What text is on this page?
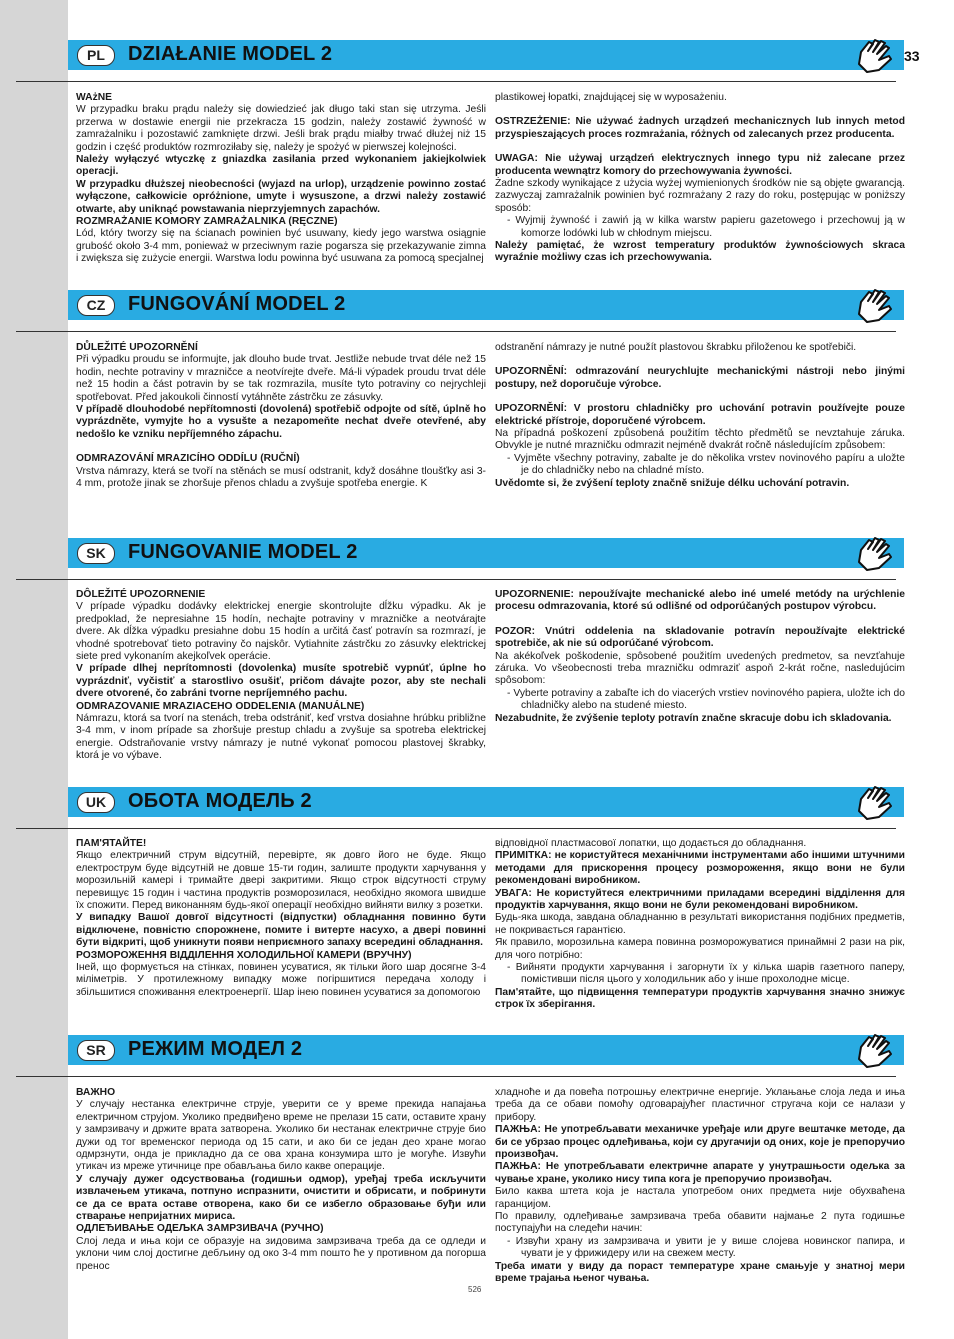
PL	DZIAŁANIE MODEL 2	33

WAżNE

W przypadku braku prądu należy się dowiedzieć jak długo taki stan się utrzyma. Jeśli przerwa w dostawie energii nie przekracza 15 godzin, należy zostawić żywność w zamrażalniku i pozostawić zamknięte drzwi. Jeśli brak prądu miałby trwać dłużej niż 15 godzin i część produktów rozmroziłaby się, należy je spożyć w pierwszej kolejności.

Należy wyłączyć wtyczkę z gniazdka zasilania przed wykonaniem jakiejkolwiek operacji.

W przypadku dłuższej nieobecności (wyjazd na urlop), urządzenie powinno zostać wyłączone, całkowicie opróżnione, umyte i wysuszone, a drzwi należy zostawić otwarte, aby uniknąć powstawania nieprzyjemnych zapachów.

ROZMRAŻANIE KOMORY ZAMRAŻALNIKA (RĘCZNE)

Lód, który tworzy się na ścianach powinien być usuwany, kiedy jego warstwa osiągnie grubość około 3-4 mm, ponieważ w przeciwnym razie pogarsza się przekazywanie zimna i zwiększa się zużycie energii. Warstwa lodu powinna być usuwana za pomocą specjalnej

plastikowej łopatki, znajdującej się w wyposażeniu.

OSTRZEŻENIE: Nie używać żadnych urządzeń mechanicznych lub innych metod przyspieszających proces rozmrażania, różnych od zalecanych przez producenta.

UWAGA: Nie używaj urządzeń elektrycznych innego typu niż zalecane przez producenta wewnątrz komory do przechowywania żywności.

Żadne szkody wynikające z użycia wyżej wymienionych środków nie są objęte gwarancją. zazwyczaj zamrażalnik powinien być rozmrażany 2 razy do roku, postępując w poniższy sposób:

- Wyjmij żywność i zawiń ją w kilka warstw papieru gazetowego i przechowuj ją w komorze lodówki lub w chłodnym miejscu.

Należy pamiętać, że wzrost temperatury produktów żywnościowych skraca wyraźnie możliwy czas ich przechowywania.

CZ	FUNGOVÁNÍ MODEL 2

DŮLEŽITÉ UPOZORNĚNÍ

Při výpadku proudu se informujte, jak dlouho bude trvat. Jestliže nebude trvat déle než 15 hodin, nechte potraviny v mrazničce a neotvírejte dveře. Má-li výpadek proudu trvat déle než 15 hodin a část potravin by se tak rozmrazila, musíte tyto potraviny co nejrychleji spotřebovat. Před jakoukoli činností vytáhněte zástrčku ze zásuvky.

V případě dlouhodobé nepřítomnosti (dovolená) spotřebič odpojte od sítě, úplně ho vyprázdněte, vymyjte ho a vysušte a nezapomeňte nechat dveře otevřené, aby nedošlo ke vzniku nepříjemného zápachu.

ODMRAZOVÁNÍ MRAZICÍHO ODDÍLU (RUČNÍ)

Vrstva námrazy, která se tvoří na stěnách se musí odstranit, když dosáhne tloušťky asi 3-4 mm, protože jinak se zhoršuje přenos chladu a zvyšuje spotřeba energie. K

odstranění námrazy je nutné použít plastovou škrabku přiloženou ke spotřebiči.

UPOZORNĚNÍ: odmrazování neurychlujte mechanickými nástroji nebo jinými postupy, než doporučuje výrobce.

UPOZORNĚNÍ: V prostoru chladničky pro uchování potravin používejte pouze elektrické přístroje, doporučené výrobcem.

Na případná poškození způsobená použitím těchto předmětů se nevztahuje záruka. Obvykle je nutné mrazničku odmrazit nejméně dvakrát ročně následujícím způsobem:

- Vyjměte všechny potraviny, zabalte je do několika vrstev novinového papíru a uložte je do chladničky nebo na chladné místo.

Uvědomte si, že zvýšení teploty značně snižuje délku uchování potravin.

SK	FUNGOVANIE MODEL 2

DÔLEŽITÉ UPOZORNENIE

V prípade výpadku dodávky elektrickej energie skontrolujte dĺžku výpadku. Ak je predpoklad, že nepresiahne 15 hodín, nechajte potraviny v mrazničke a neotvárajte dvere. Ak dĺžka výpadku presiahne dobu 15 hodín a určitá časť potravín sa rozmrazí, je vhodné spotrebovať tieto potraviny čo najskôr. Vytiahnite zástrčku zo zásuvky elektrickej siete pred vykonaním akejkoľvek operácie.

V prípade dlhej neprítomnosti (dovolenka) musíte spotrebič vypnúť, úplne ho vyprázdniť, vyčistiť a starostlivo osušiť, pričom dávajte pozor, aby ste nechali dvere otvorené, čo zabráni tvorne nepríjemného pachu.

ODMRAZOVANIE MRAZIACEHO ODDELENIA (MANUÁLNE)

Námrazu, ktorá sa tvorí na stenách, treba odstrániť, keď vrstva dosiahne hrúbku približne 3-4 mm, v inom prípade sa zhoršuje prestup chladu a zvyšuje sa spotreba elektrickej energie. Odstraňovanie vrstvy námrazy je nutné vykonať pomocou plastovej škrabky, ktorá je vo výbave.

UPOZORNENIE: nepoužívajte mechanické alebo iné umelé metódy na urýchlenie procesu odmrazovania, ktoré sú odlišné od odporúčaných postupov výrobcu.

POZOR: Vnútri oddelenia na skladovanie potravín nepoužívajte elektrické spotrebiče, ak nie sú odporúčané výrobcom.

Na akékoľvek poškodenie, spôsobené použitím uvedených predmetov, sa nevzťahuje záruka. Vo všeobecnosti treba mrazničku odmraziť aspoň 2-krát ročne, nasledujúcim spôsobom:

- Vyberte potraviny a zabaľte ich do viacerých vrstiev novinového papiera, uložte ich do chladničky alebo na studené miesto.

Nezabudnite, že zvýšenie teploty potravín značne skracuje dobu ich skladovania.

UK	ОБОТА МОДЕЛЬ 2

ПАМ'ЯТАЙТЕ!

Якщо електричний струм відсутній, перевірте, як довго його не буде. Якщо електрострум буде відсутній не довше 15-ти годин, залиште продукти харчування у морозильній камері і тримайте двері закритими. Якщо строк відсутності струму перевищує 15 годин і частина продуктів розморозилася, необхідно якомога швидше їх спожити. Перед виконанням будь-якої операції необхідно вийняти вилку з розетки.

У випадку Вашої довгої відсутності (відпустки) обладнання повинно бути відключене, повністю спорожнене, помите і витерте насухо, а двері повинні бути відкриті, щоб уникнути появи неприємного запаху всередині обладнання.

РОЗМОРОЖЕННЯ ВІДДІЛЕННЯ ХОЛОДИЛЬНОЇ КАМЕРИ (ВРУЧНУ)

Іней, що формується на стінках, повинен усуватися, як тільки його шар досягне 3-4 міліметрів. У протилежному випадку може погіршитися передача холоду і збільшитися споживання електроенергії. Шар інею повинен усуватися за допомогою

відповідної пластмасової лопатки, що додається до обладнання.

ПРИМІТКА: не користуйтеся механічними інструментами або іншими штучними методами для прискорення процесу розмороження, якщо вони не були рекомендовані виробником.

УВАГА: Не користуйтеся електричними приладами всередині відділення для продуктів харчування, якщо вони не були рекомендовані виробником.

Будь-яка шкода, завдана обладнанню в результаті використання подібних предметів, не покривається гарантією.

Як правило, морозильна камера повинна розморожуватися принаймні 2 рази на рік, для чого потрібно:

- Вийняти продукти харчування і загорнути їх у кілька шарів газетного паперу, помістивши після цього у холодильник або у інше прохолодне місце.

Пам'ятайте, що підвищення температури продуктів харчування значно знижує строк їх зберігання.

SR	РЕЖИМ МОДЕЛ 2

ВАЖНО

У случају нестанка електричне струје, уверити се у време прекида напајања електричном струјом. Уколико предвиђено време не прелази 15 сати, оставите храну у замрзивачу и држите врата затворена. Уколико би нестанак електричне струје био дужи од тог временског периода од 15 сати, и ако би се један део хране могао одмрзнути, онда је прикладно да се ова храна конзумира што је могуће. Извући утикач из мреже утичнице пре обављања било какве операције.

У случају дужег одсуствовања (годишњи одмор), уређај треба искључити извлачењем утикача, потпуно испразнити, очистити и обрисати, и побринути се да се врата оставе отворена, како би се избегло образовање буђи или стварање непријатних мириса.

ОДЛЕЂИВАЊЕ ОДЕЉКА ЗАМРЗИВАЧА (РУЧНО)

Слој леда и иња који се образује на зидовима замрзивача треба да се одледи и уклони чим слој достигне дебљину од око 3-4 mm пошто ће у противном да погорша пренос

хладноће и да повећа потрошњу електричне енергије. Уклањање слоја леда и иња треба да се обави помоћу одговарајућег пластичног стругача који се налази у прибору.

ПАЖЊА: Не употребљавати механичке уређаје или друге вештачке методе, да би се убрзао процес одлеђивања, који су другачији од оних, које је препоручио произвођач.

ПАЖЊА: Не употребљавати електричне апарате у унутрашњости одељка за чување хране, уколико нису типа кога је препоручио произвођач.

Било каква штета која је настала употребом оних предмета није обухваћена гаранцијом.

По правилу, одлеђивање замрзивача треба обавити најмање 2 пута годишње поступајући на следећи начин:

- Извући храну из замрзивача и увити је у више слојева новинског папира, и чувати је у фрижидеру или на свежем месту.

Треба имати у виду да пораст температуре хране смањује у знатној мери време трајања њеног чувања.

526
